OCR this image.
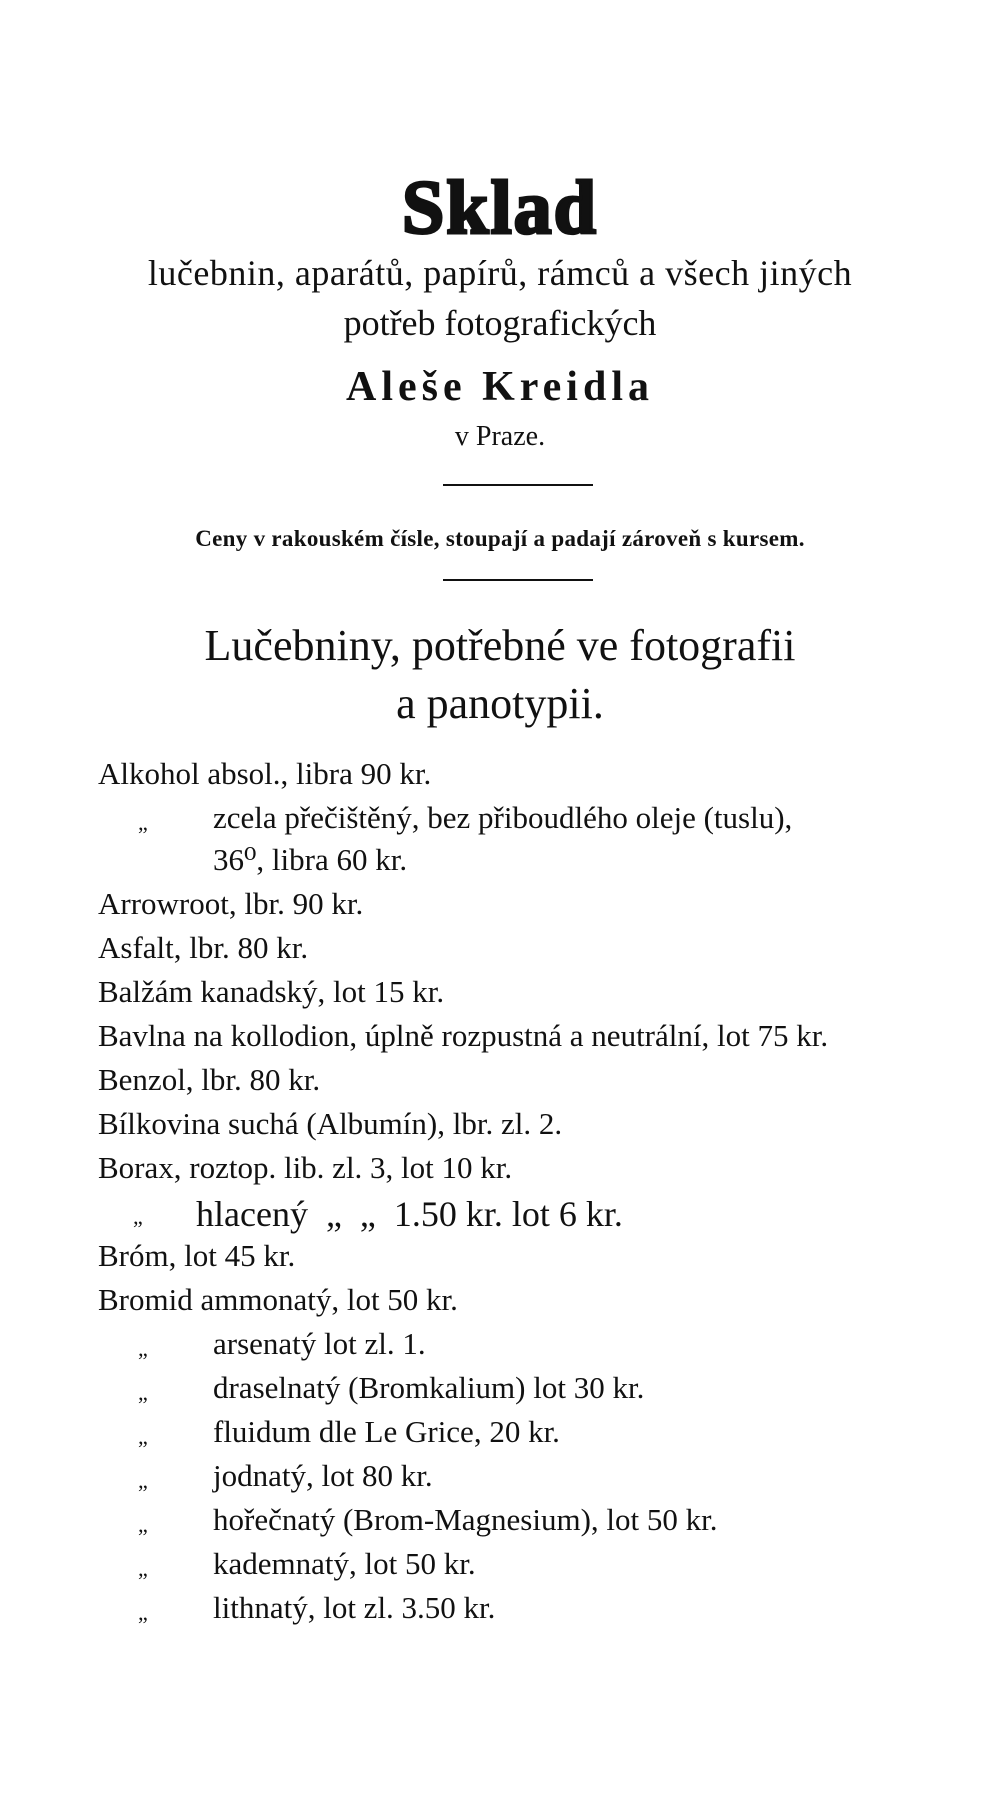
Sklad
lučebnin, aparátů, papírů, rámců a všech jiných
potřeb fotografických
Aleše Kreidla
v Praze.
Ceny v rakouském čísle, stoupají a padají zároveň s kursem.
Lučebniny, potřebné ve fotografii
a panotypii.
Alkohol absol., libra 90 kr.
„ zcela přečištěný, bez přiboudlého oleje (tuslu),
36⁰, libra 60 kr.
Arrowroot, lbr. 90 kr.
Asfalt, lbr. 80 kr.
Balžám kanadský, lot 15 kr.
Bavlna na kollodion, úplně rozpustná a neutrální, lot 75 kr.
Benzol, lbr. 80 kr.
Bílkovina suchá (Albumín), lbr. zl. 2.
Borax, roztop. lib. zl. 3, lot 10 kr.
„ hlacený  „  „  1.50 kr. lot 6 kr.
Bróm, lot 45 kr.
Bromid ammonatý, lot 50 kr.
„ arsenatý lot zl. 1.
„ draselnatý (Bromkalium) lot 30 kr.
„ fluidum dle Le Grice, 20 kr.
„ jodnatý, lot 80 kr.
„ hořečnatý (Brom-Magnesium), lot 50 kr.
„ kademnatý, lot 50 kr.
„ lithnatý, lot zl. 3.50 kr.
